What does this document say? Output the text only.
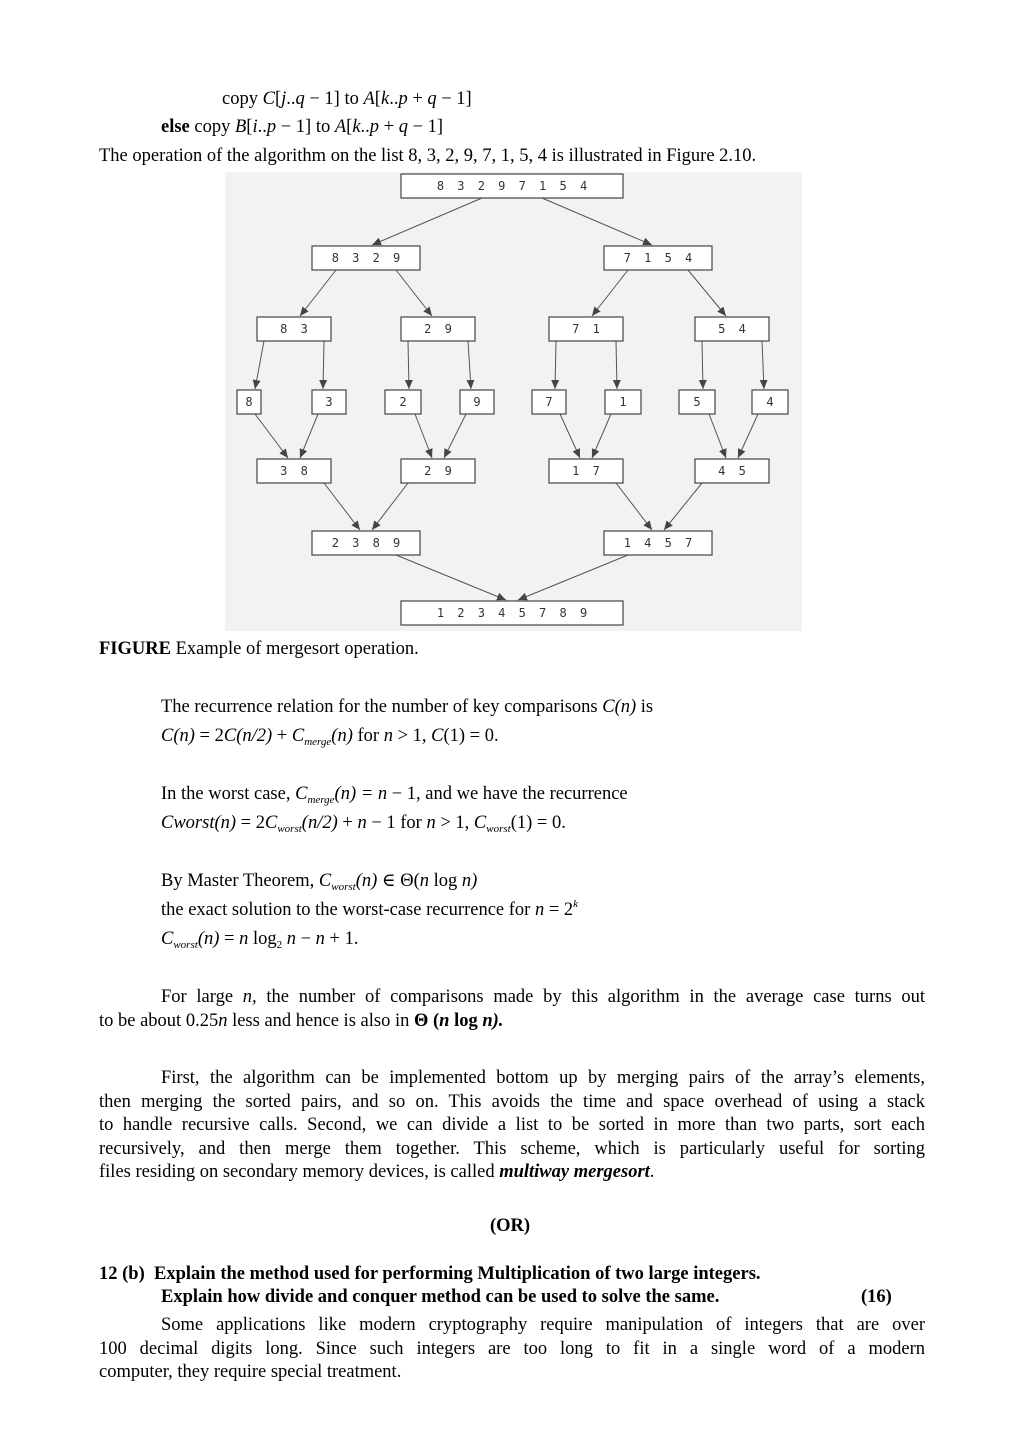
copy C[j..q − 1] to A[k..p + q − 1]
else copy B[i..p − 1] to A[k..p + q − 1]
The operation of the algorithm on the list 8, 3, 2, 9, 7, 1, 5, 4 is illustrated in Figure 2.10.
8 3 2 9 7 1 5 4
8 3 2 9	7 1 5 4
8 3	2 9	7 1	5 4
8	3	2	9	7	1	5	4
3 8	2 9	1 7	4 5
2 3 8 9	1 4 5 7
1 2 3 4 5 7 8 9
FIGURE Example of mergesort operation.
The recurrence relation for the number of key comparisons C(n) is
$C(n) = 2C(n/2) + C_{merge}(n)$ for n > 1, C(1) = 0.
In the worst case, $C_{merge}(n) = n - 1$, and we have the recurrence
Cworst(n) = $2C_{worst}(n/2) + n - 1$ for n > 1, $C_{worst}(1) = 0$.
By Master Theorem, $C_{worst}(n)$ ∈ Θ(n log n)
the exact solution to the worst-case recurrence for $n = 2^k$
$C_{worst}(n) = n$ $\log_2 n - n + 1$.
For large n, the number of comparisons made by this algorithm in the average case turns out
to be about 0.25n less and hence is also in Θ (n log n).
First, the algorithm can be implemented bottom up by merging pairs of the array’s elements,
then merging the sorted pairs, and so on. This avoids the time and space overhead of using a stack
to handle recursive calls. Second, we can divide a list to be sorted in more than two parts, sort each
recursively, and then merge them together. This scheme, which is particularly useful for sorting
files residing on secondary memory devices, is called multiway mergesort.
(OR)
12 (b) Explain the method used for performing Multiplication of two large integers.
Explain how divide and conquer method can be used to solve the same.	(16)
Some applications like modern cryptography require manipulation of integers that are over
100 decimal digits long. Since such integers are too long to fit in a single word of a modern
computer, they require special treatment.
